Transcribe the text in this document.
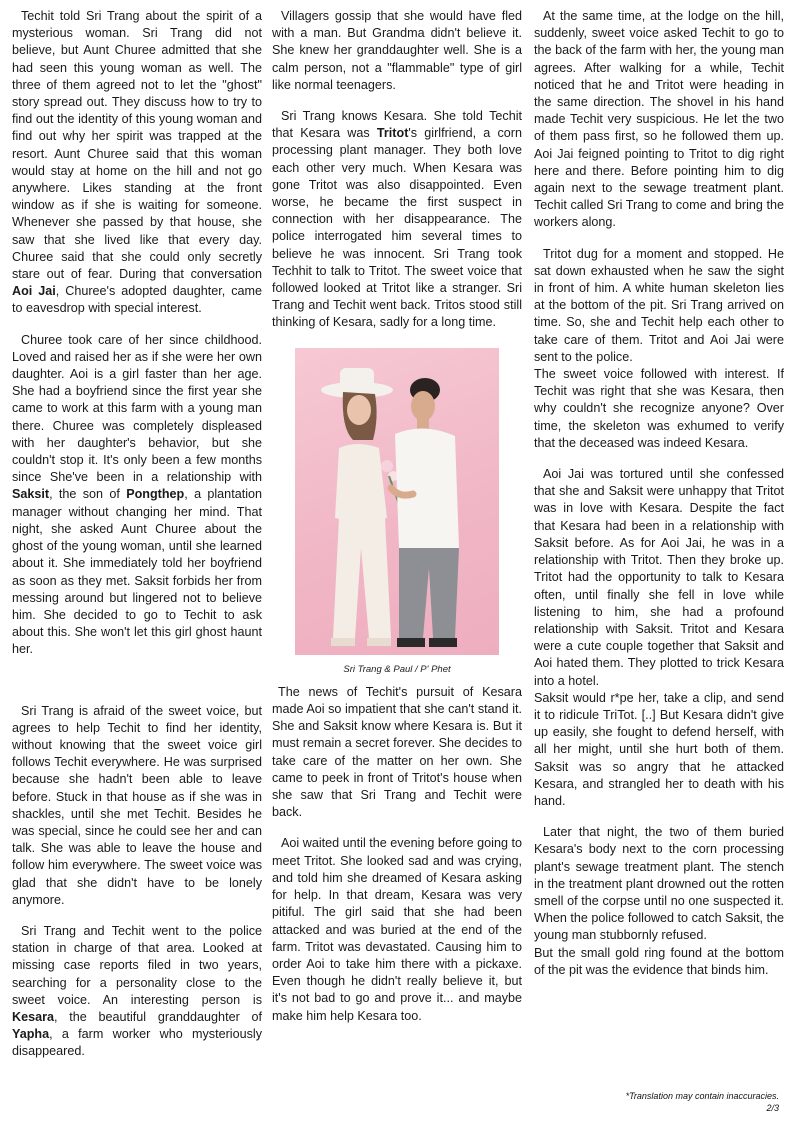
Techit told Sri Trang about the spirit of a mysterious woman. Sri Trang did not believe, but Aunt Churee admitted that she had seen this young woman as well. The three of them agreed not to let the "ghost" story spread out. They discuss how to try to find out the identity of this young woman and find out why her spirit was trapped at the resort. Aunt Churee said that this woman would stay at home on the hill and not go anywhere. Likes standing at the front window as if she is waiting for someone. Whenever she passed by that house, she saw that she lived like that every day. Churee said that she could only secretly stare out of fear. During that conversation Aoi Jai, Churee's adopted daughter, came to eavesdrop with special interest.

Churee took care of her since childhood. Loved and raised her as if she were her own daughter. Aoi is a girl faster than her age. She had a boyfriend since the first year she came to work at this farm with a young man there. Churee was completely displeased with her daughter's behavior, but she couldn't stop it. It's only been a few months since She've been in a relationship with Saksit, the son of Pongthep, a plantation manager without changing her mind. That night, she asked Aunt Churee about the ghost of the young woman, until she learned about it. She immediately told her boyfriend as soon as they met. Saksit forbids her from messing around but lingered not to believe him. She decided to go to Techit to ask about this. She won't let this girl ghost haunt her.

Sri Trang is afraid of the sweet voice, but agrees to help Techit to find her identity, without knowing that the sweet voice girl follows Techit everywhere. He was surprised because she hadn't been able to leave before. Stuck in that house as if she was in shackles, until she met Techit. Besides he was special, since he could see her and can talk. She was able to leave the house and follow him everywhere. The sweet voice was glad that she didn't have to be lonely anymore.

Sri Trang and Techit went to the police station in charge of that area. Looked at missing case reports filed in two years, searching for a personality close to the sweet voice. An interesting person is Kesara, the beautiful granddaughter of Yapha, a farm worker who mysteriously disappeared.

Villagers gossip that she would have fled with a man. But Grandma didn't believe it. She knew her granddaughter well. She is a calm person, not a "flammable" type of girl like normal teenagers.

Sri Trang knows Kesara. She told Techit that Kesara was Tritot's girlfriend, a corn processing plant manager. They both love each other very much. When Kesara was gone Tritot was also disappointed. Even worse, he became the first suspect in connection with her disappearance. The police interrogated him several times to believe he was innocent. Sri Trang took Techhit to talk to Tritot. The sweet voice that followed looked at Tritot like a stranger. Sri Trang and Techit went back. Tritos stood still thinking of Kesara, sadly for a long time.

Sri Trang & Paul / P' Phet

The news of Techit's pursuit of Kesara made Aoi so impatient that she can't stand it. She and Saksit know where Kesara is. But it must remain a secret forever. She decides to take care of the matter on her own. She came to peek in front of Tritot's house when she saw that Sri Trang and Techit were back.

Aoi waited until the evening before going to meet Tritot. She looked sad and was crying, and told him she dreamed of Kesara asking for help. In that dream, Kesara was very pitiful. The girl said that she had been attacked and was buried at the end of the farm. Tritot was devastated. Causing him to order Aoi to take him there with a pickaxe. Even though he didn't really believe it, but it's not bad to go and prove it... and maybe make him help Kesara too.

At the same time, at the lodge on the hill, suddenly, sweet voice asked Techit to go to the back of the farm with her, the young man agrees. After walking for a while, Techit noticed that he and Tritot were heading in the same direction. The shovel in his hand made Techit very suspicious. He let the two of them pass first, so he followed them up. Aoi Jai feigned pointing to Tritot to dig right here and there. Before pointing him to dig again next to the sewage treatment plant. Techit called Sri Trang to come and bring the workers along.

Tritot dug for a moment and stopped. He sat down exhausted when he saw the sight in front of him. A white human skeleton lies at the bottom of the pit. Sri Trang arrived on time. So, she and Techit help each other to take care of them. Tritot and Aoi Jai were sent to the police.

The sweet voice followed with interest. If Techit was right that she was Kesara, then why couldn't she recognize anyone? Over time, the skeleton was exhumed to verify that the deceased was indeed Kesara.

Aoi Jai was tortured until she confessed that she and Saksit were unhappy that Tritot was in love with Kesara. Despite the fact that Kesara had been in a relationship with Saksit before. As for Aoi Jai, he was in a relationship with Tritot. Then they broke up. Tritot had the opportunity to talk to Kesara often, until finally she fell in love while listening to him, she had a profound relationship with Saksit. Tritot and Kesara were a cute couple together that Saksit and Aoi hated them. They plotted to trick Kesara into a hotel.

Saksit would r*pe her, take a clip, and send it to ridicule TriTot. [..] But Kesara didn't give up easily, she fought to defend herself, with all her might, until she hurt both of them. Saksit was so angry that he attacked Kesara, and strangled her to death with his hand.

Later that night, the two of them buried Kesara's body next to the corn processing plant's sewage treatment plant. The stench in the treatment plant drowned out the rotten smell of the corpse until no one suspected it. When the police followed to catch Saksit, the young man stubbornly refused.

But the small gold ring found at the bottom of the pit was the evidence that binds him.

*Translation may contain inaccuracies.
2/3
